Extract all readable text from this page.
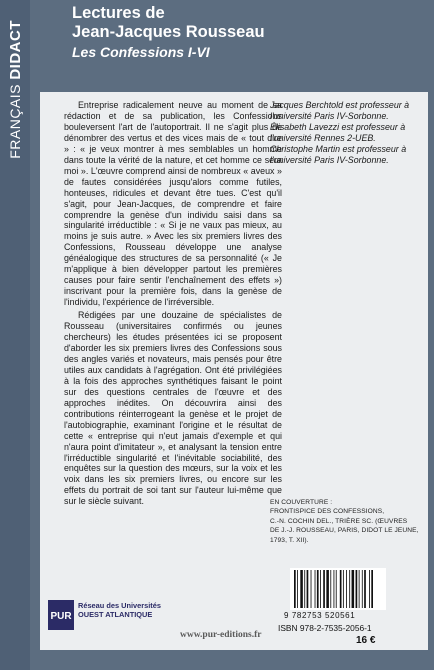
DIDACT
FRANÇAIS
Lectures de
Jean-Jacques Rousseau
Les Confessions I-VI

Entreprise radicalement neuve au moment de sa rédaction et de sa publication, les Confessions bouleversent l'art de l'autoportrait. Il ne s'agit plus de dénombrer des vertus et des vices mais de « tout dire » : « je veux montrer à mes semblables un homme dans toute la vérité de la nature, et cet homme ce sera moi ». L'œuvre comprend ainsi de nombreux « aveux » de fautes considérées jusqu'alors comme futiles, honteuses, ridicules et devant être tues. C'est qu'il s'agit, pour Jean-Jacques, de comprendre et faire comprendre la genèse d'un individu saisi dans sa singularité irréductible : « Si je ne vaux pas mieux, au moins je suis autre. » Avec les six premiers livres des Confessions, Rousseau développe une analyse généalogique des structures de sa personnalité (« Je m'applique à bien développer partout les premières causes pour faire sentir l'enchaînement des effets ») inscrivant pour la première fois, dans la genèse de l'individu, l'expérience de l'irréversible.

Rédigées par une douzaine de spécialistes de Rousseau (universitaires confirmés ou jeunes chercheurs) les études présentées ici se proposent d'aborder les six premiers livres des Confessions sous des angles variés et novateurs, mais pensés pour être utiles aux candidats à l'agrégation. Ont été privilégiées à la fois des approches synthétiques faisant le point sur des questions centrales de l'œuvre et des approches inédites. On découvrira ainsi des contributions réinterrogeant la genèse et le projet de l'autobiographie, examinant l'origine et le résultat de cette « entreprise qui n'eut jamais d'exemple et qui n'aura point d'imitateur », et analysant la tension entre l'irréductible singularité et l'inévitable sociabilité, des enquêtes sur la question des mœurs, sur la voix et les voix dans les six premiers livres, ou encore sur les effets du portrait de soi tant sur l'auteur lui-même que sur le siècle suivant.

Jacques Berchtold est professeur à l'université Paris IV-Sorbonne.

Élisabeth Lavezzi est professeur à l'université Rennes 2-UEB.

Christophe Martin est professeur à l'université Paris IV-Sorbonne.

EN COUVERTURE :
FRONTISPICE DES CONFESSIONS,
C.-N. COCHIN DEL., TRIÈRE SC. (ŒUVRES
DE J.-J. ROUSSEAU, PARIS, DIDOT LE JEUNE,
1793, T. XII).
PUR
Réseau des Universités
OUEST ATLANTIQUE
www.pur-editions.fr
9 782753 520561
ISBN 978-2-7535-2056-1
16 €
